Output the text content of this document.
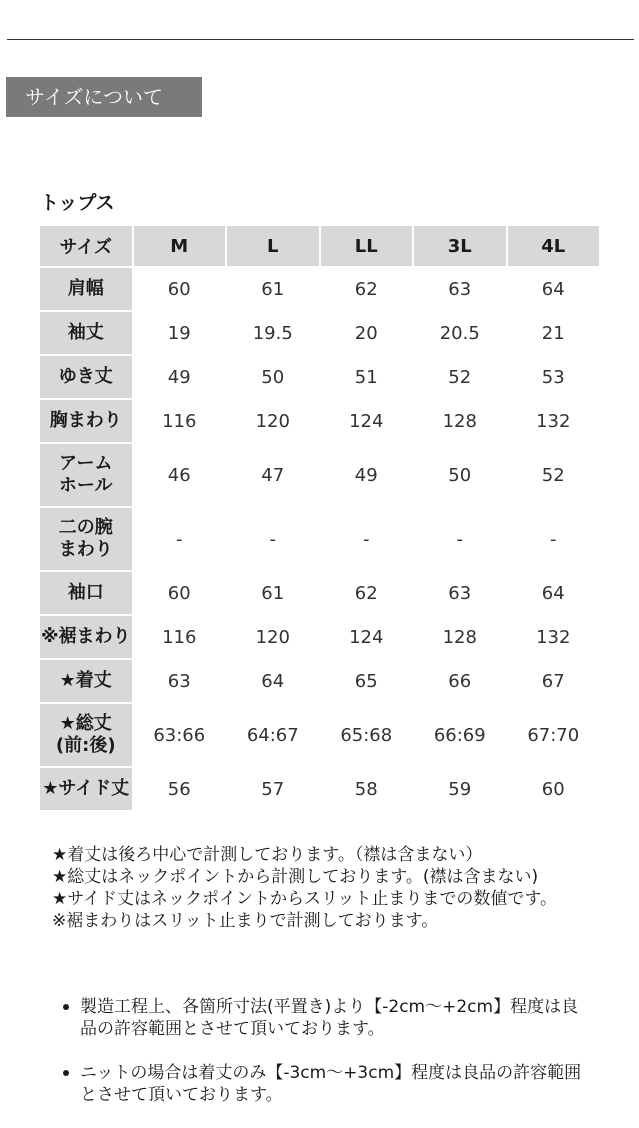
サイズについて
トップス
サイズ	M	L	LL	3L	4L
肩幅	60	61	62	63	64
袖丈	19	19.5	20	20.5	21
ゆき丈	49	50	51	52	53
胸まわり	116	120	124	128	132
アーム
ホール	46	47	49	50	52
二の腕
まわり	-	-	-	-	-
袖口	60	61	62	63	64
※裾まわり	116	120	124	128	132
★着丈	63	64	65	66	67
★総丈
(前:後)	63:66	64:67	65:68	66:69	67:70
★サイド丈	56	57	58	59	60

★着丈は後ろ中心で計測しております。（襟は含まない）

★総丈はネックポイントから計測しております。(襟は含まない)

★サイド丈はネックポイントからスリット止まりまでの数値です。

※裾まわりはスリット止まりで計測しております。

製造工程上、各箇所寸法(平置き)より【-2cm～+2cm】程度は良品の許容範囲とさせて頂いております。
ニットの場合は着丈のみ【-3cm～+3cm】程度は良品の許容範囲とさせて頂いております。
